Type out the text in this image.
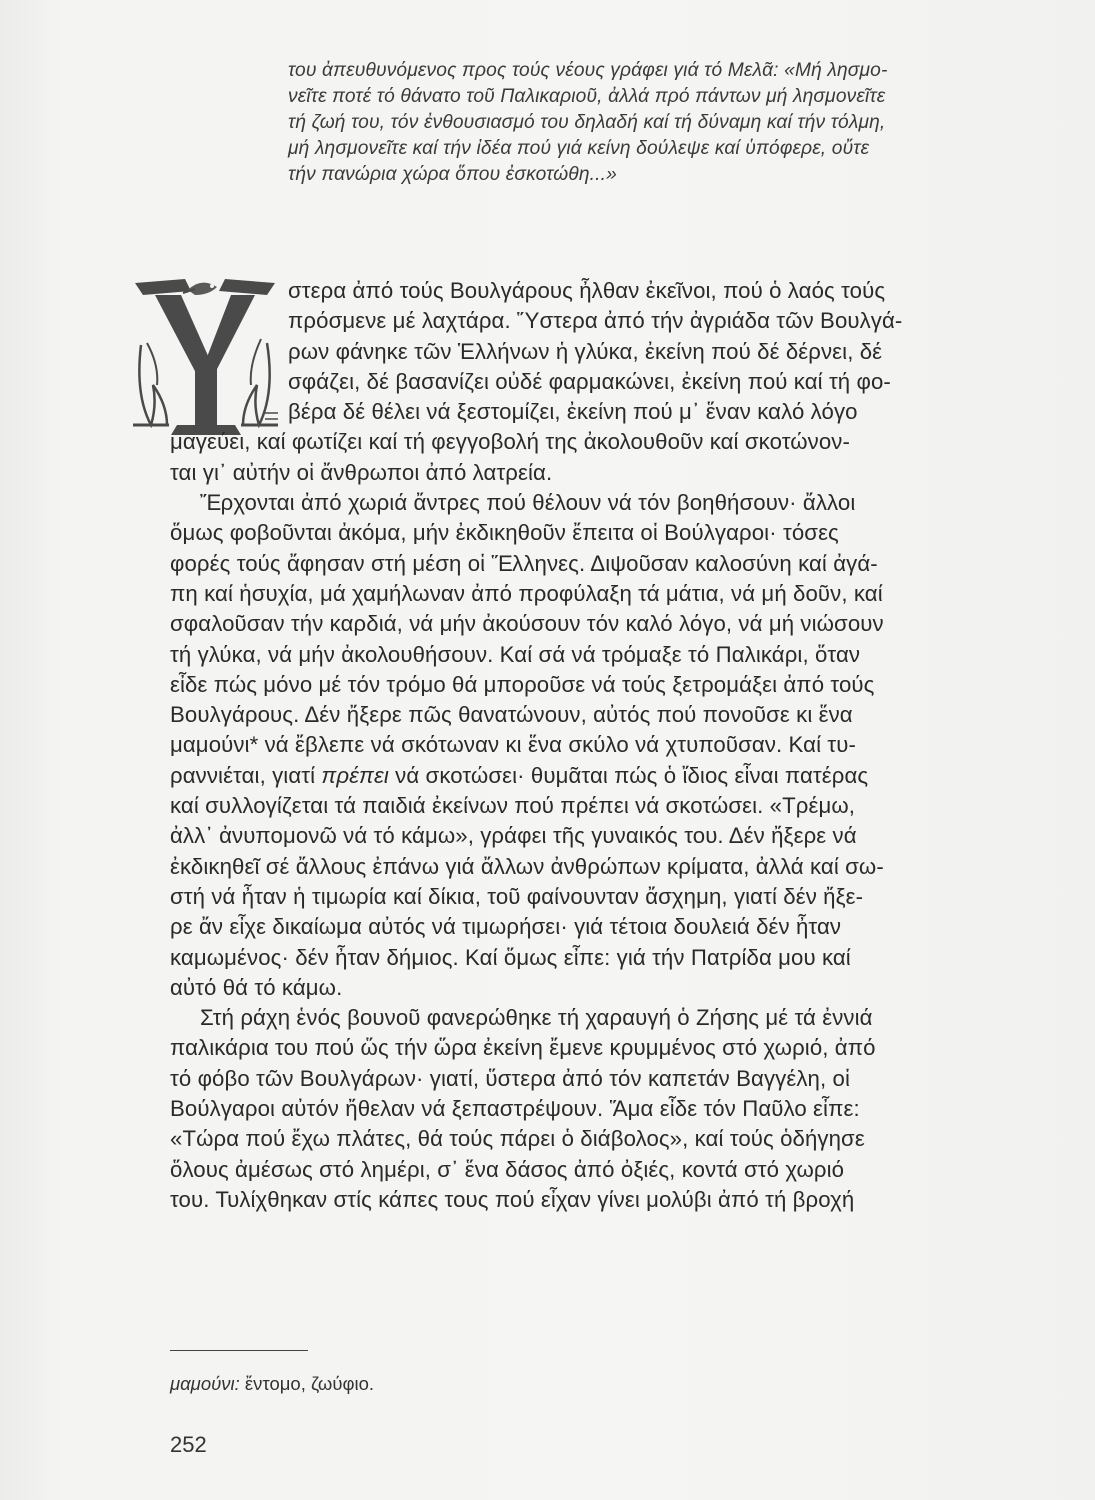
του ἀπευθυνόμενος προς τούς νέους γράφει γιά τό Μελᾶ: «Μή λησμο-
νεῖτε ποτέ τό θάνατο τοῦ Παλικαριοῦ, ἀλλά πρό πάντων μή λησμονεῖτε
τή ζωή του, τόν ἐνθουσιασμό του δηλαδή καί τή δύναμη καί τήν τόλμη,
μή λησμονεῖτε καί τήν ἰδέα πού γιά κείνη δούλεψε καί ὑπόφερε, οὔτε
τήν πανώρια χώρα ὅπου ἐσκοτώθη...»
στερα ἀπό τούς Βουλγάρους ἦλθαν ἐκεῖνοι, πού ὁ λαός τούς
πρόσμενε μέ λαχτάρα. Ὕστερα ἀπό τήν ἀγριάδα τῶν Βουλγά-
ρων φάνηκε τῶν Ἑλλήνων ἡ γλύκα, ἐκείνη πού δέ δέρνει, δέ
σφάζει, δέ βασανίζει οὐδέ φαρμακώνει, ἐκείνη πού καί τή φο-
βέρα δέ θέλει νά ξεστομίζει, ἐκείνη πού μ᾽ ἕναν καλό λόγο
μαγεύει, καί φωτίζει καί τή φεγγοβολή της ἀκολουθοῦν καί σκοτώνον-
ται γι᾽ αὐτήν οἱ ἄνθρωποι ἀπό λατρεία.
Ἔρχονται ἀπό χωριά ἄντρες πού θέλουν νά τόν βοηθήσουν· ἄλλοι
ὅμως φοβοῦνται ἀκόμα, μήν ἐκδικηθοῦν ἔπειτα οἱ Βούλγαροι· τόσες
φορές τούς ἄφησαν στή μέση οἱ Ἕλληνες. Διψοῦσαν καλοσύνη καί ἀγά-
πη καί ἡσυχία, μά χαμήλωναν ἀπό προφύλαξη τά μάτια, νά μή δοῦν, καί
σφαλοῦσαν τήν καρδιά, νά μήν ἀκούσουν τόν καλό λόγο, νά μή νιώσουν
τή γλύκα, νά μήν ἀκολουθήσουν. Καί σά νά τρόμαξε τό Παλικάρι, ὅταν
εἶδε πώς μόνο μέ τόν τρόμο θά μποροῦσε νά τούς ξετρομάξει ἀπό τούς
Βουλγάρους. Δέν ἤξερε πῶς θανατώνουν, αὐτός πού πονοῦσε κι ἕνα
μαμούνι* νά ἔβλεπε νά σκότωναν κι ἕνα σκύλο νά χτυποῦσαν. Καί τυ-
ραννιέται, γιατί πρέπει νά σκοτώσει· θυμᾶται πώς ὁ ἴδιος εἶναι πατέρας
καί συλλογίζεται τά παιδιά ἐκείνων πού πρέπει νά σκοτώσει. «Τρέμω,
ἀλλ᾽ ἀνυπομονῶ νά τό κάμω», γράφει τῆς γυναικός του. Δέν ἤξερε νά
ἐκδικηθεῖ σέ ἄλλους ἐπάνω γιά ἄλλων ἀνθρώπων κρίματα, ἀλλά καί σω-
στή νά ἦταν ἡ τιμωρία καί δίκια, τοῦ φαίνουνταν ἄσχημη, γιατί δέν ἤξε-
ρε ἄν εἶχε δικαίωμα αὐτός νά τιμωρήσει· γιά τέτοια δουλειά δέν ἦταν
καμωμένος· δέν ἦταν δήμιος. Καί ὅμως εἶπε: γιά τήν Πατρίδα μου καί
αὐτό θά τό κάμω.
Στή ράχη ἑνός βουνοῦ φανερώθηκε τή χαραυγή ὁ Ζήσης μέ τά ἐννιά
παλικάρια του πού ὥς τήν ὥρα ἐκείνη ἔμενε κρυμμένος στό χωριό, ἀπό
τό φόβο τῶν Βουλγάρων· γιατί, ὕστερα ἀπό τόν καπετάν Βαγγέλη, οἱ
Βούλγαροι αὐτόν ἤθελαν νά ξεπαστρέψουν. Ἅμα εἶδε τόν Παῦλο εἶπε:
«Τώρα πού ἔχω πλάτες, θά τούς πάρει ὁ διάβολος», καί τούς ὁδήγησε
ὅλους ἀμέσως στό λημέρι, σ᾽ ἕνα δάσος ἀπό ὀξιές, κοντά στό χωριό
του. Τυλίχθηκαν στίς κάπες τους πού εἶχαν γίνει μολύβι ἀπό τή βροχή
μαμούνι: ἔντομο, ζωύφιο.
252
